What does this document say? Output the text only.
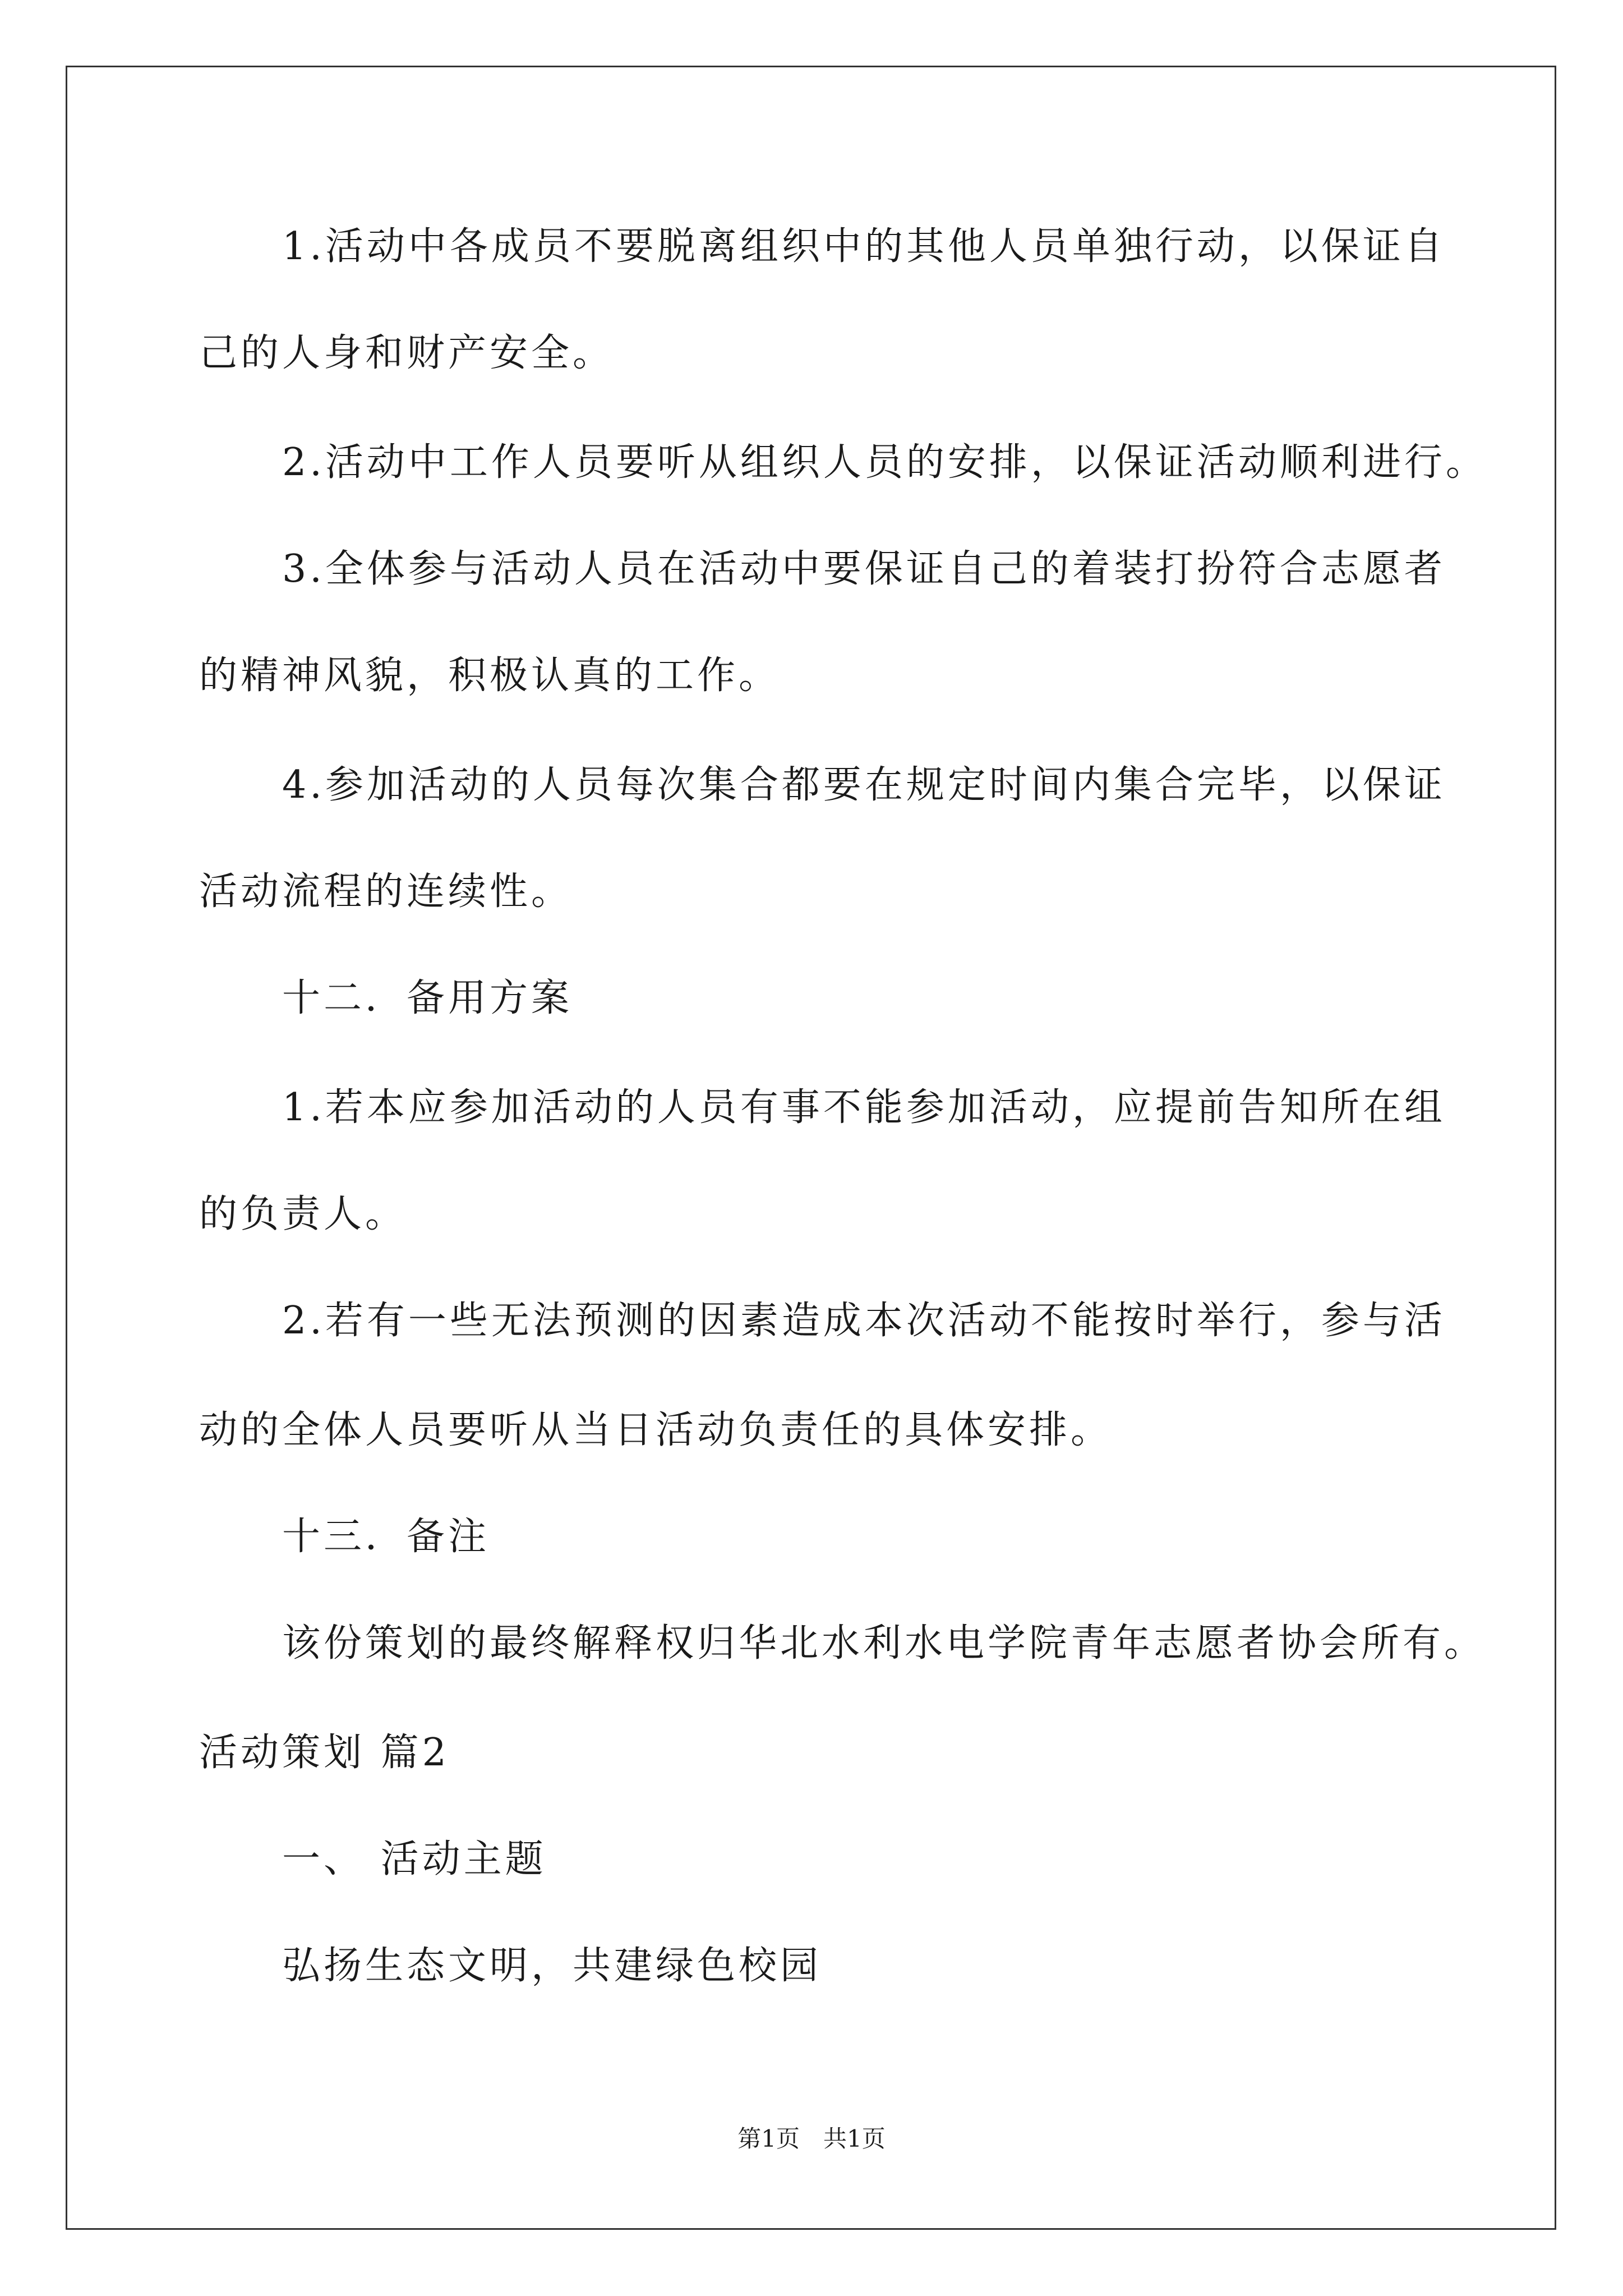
1.活动中各成员不要脱离组织中的其他人员单独行动，以保证自
己的人身和财产安全。
2.活动中工作人员要听从组织人员的安排，以保证活动顺利进行。
3.全体参与活动人员在活动中要保证自己的着装打扮符合志愿者
的精神风貌，积极认真的工作。
4.参加活动的人员每次集合都要在规定时间内集合完毕，以保证
活动流程的连续性。
十二．备用方案
1.若本应参加活动的人员有事不能参加活动，应提前告知所在组
的负责人。
2.若有一些无法预测的因素造成本次活动不能按时举行，参与活
动的全体人员要听从当日活动负责任的具体安排。
十三．备注
该份策划的最终解释权归华北水利水电学院青年志愿者协会所有。
活动策划 篇2
一、 活动主题
弘扬生态文明，共建绿色校园
第1页　共1页
